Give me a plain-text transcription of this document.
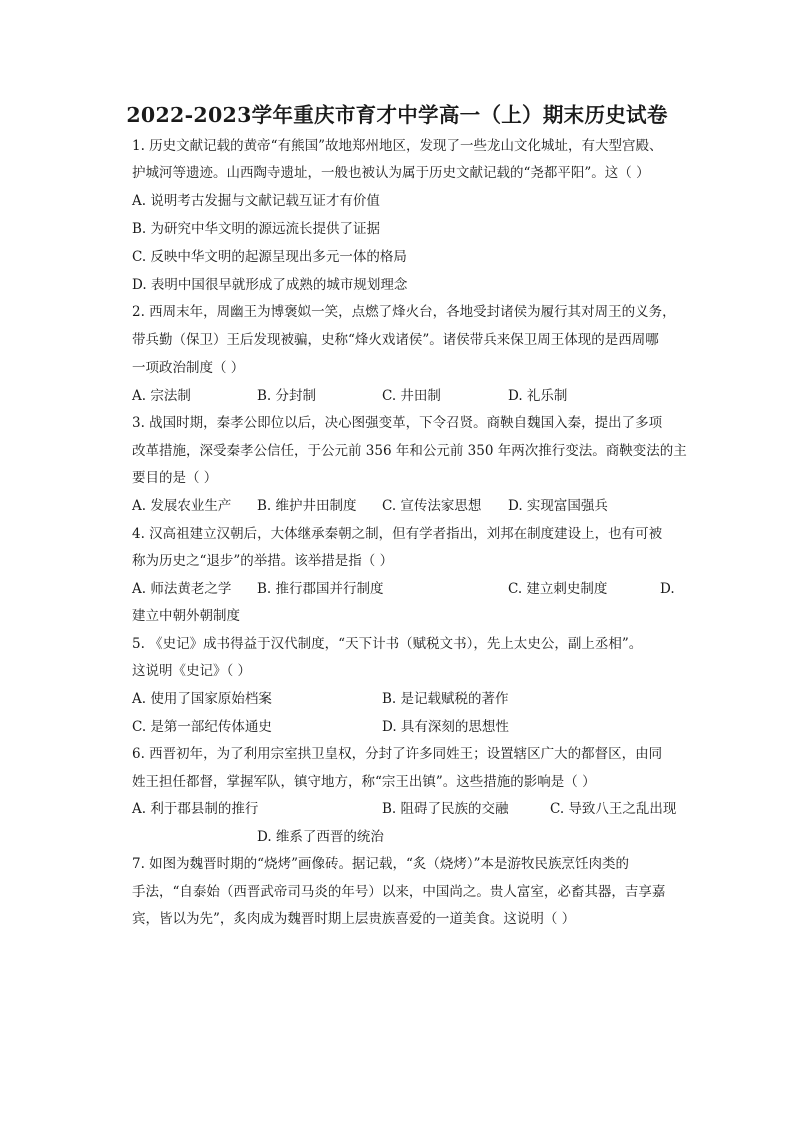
2022-2023学年重庆市育才中学高一（上）期末历史试卷
1. 历史文献记载的黄帝“有熊国”故地郑州地区，发现了一些龙山文化城址，有大型宫殿、
护城河等遗迹。山西陶寺遗址，一般也被认为属于历史文献记载的“尧都平阳”。这（ ）
A. 说明考古发掘与文献记载互证才有价值
B. 为研究中华文明的源远流长提供了证据
C. 反映中华文明的起源呈现出多元一体的格局
D. 表明中国很早就形成了成熟的城市规划理念
2. 西周末年，周幽王为博褒姒一笑，点燃了烽火台，各地受封诸侯为履行其对周王的义务，
带兵勤（保卫）王后发现被骗，史称“烽火戏诸侯”。诸侯带兵来保卫周王体现的是西周哪
一项政治制度（ ）
A. 宗法制	B. 分封制	C. 井田制	D. 礼乐制
3. 战国时期，秦孝公即位以后，决心图强变革，下令召贤。商鞅自魏国入秦，提出了多项
改革措施，深受秦孝公信任，于公元前 356 年和公元前 350 年两次推行变法。商鞅变法的主
要目的是（ ）
A. 发展农业生产 B. 维护井田制度 C. 宣传法家思想 D. 实现富国强兵
4. 汉高祖建立汉朝后，大体继承秦朝之制，但有学者指出，刘邦在制度建设上，也有可被
称为历史之“退步”的举措。该举措是指（ ）
A. 师法黄老之学 B. 推行郡国并行制度	C. 建立刺史制度	D.
建立中朝外朝制度
5. 《史记》成书得益于汉代制度，“天下计书（赋税文书），先上太史公，副上丞相”。
这说明《史记》（ ）
A. 使用了国家原始档案	B. 是记载赋税的著作
C. 是第一部纪传体通史	D. 具有深刻的思想性
6. 西晋初年，为了利用宗室拱卫皇权，分封了许多同姓王；设置辖区广大的都督区，由同
姓王担任都督，掌握军队，镇守地方，称“宗王出镇”。这些措施的影响是（ ）
A. 利于郡县制的推行	B. 阻碍了民族的交融	C. 导致八王之乱出现
D. 维系了西晋的统治
7. 如图为魏晋时期的“烧烤”画像砖。据记载，“炙（烧烤）”本是游牧民族烹饪肉类的
手法，“自泰始（西晋武帝司马炎的年号）以来，中国尚之。贵人富室，必畜其器，吉享嘉
宾，皆以为先”，炙肉成为魏晋时期上层贵族喜爱的一道美食。这说明（ ）
